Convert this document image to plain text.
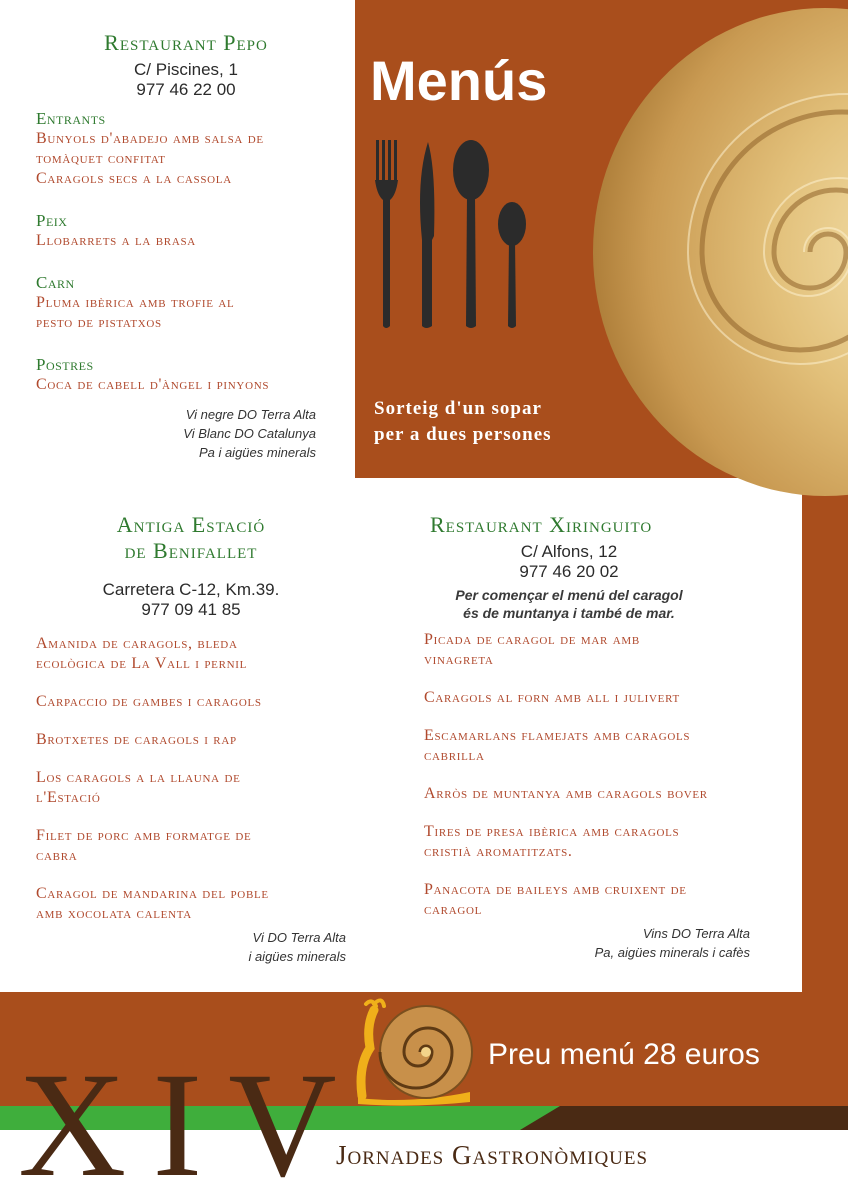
Menús
Sorteig d'un sopar
per a dues persones
Restaurant Pepo
C/ Piscines, 1
977 46 22 00
Entrants
Bunyols d'abadejo amb salsa de
tomàquet confitat
Caragols secs a la cassola
Peix
Llobarrets a la brasa
Carn
Pluma ibèrica amb trofie al
pesto de pistatxos
Postres
Coca de cabell d'àngel i pinyons
Vi negre DO Terra Alta
Vi Blanc DO Catalunya
Pa i aigües minerals
Antiga Estació
de Benifallet
Carretera C-12, Km.39.
977 09 41 85
Amanida de caragols, bleda
ecològica de La Vall i pernil
Carpaccio de gambes i caragols
Brotxetes de caragols i rap
Los caragols a la llauna de
l'Estació
Filet de porc amb formatge de
cabra
Caragol de mandarina del poble
amb xocolata calenta
Vi DO Terra Alta
i aigües minerals
Restaurant Xiringuito
C/ Alfons, 12
977 46 20 02
Per començar el menú del caragol
és de muntanya i també de mar.
Picada de caragol de mar amb
vinagreta
Caragols al forn amb all i julivert
Escamarlans flamejats amb caragols
cabrilla
Arròs de muntanya amb caragols bover
Tires de presa ibèrica amb caragols
cristià aromatitzats.
Panacota de baileys amb cruixent de
caragol
Vins DO Terra Alta
Pa, aigües minerals i cafès
Preu menú 28 euros
XIV
Jornades Gastronòmiques
